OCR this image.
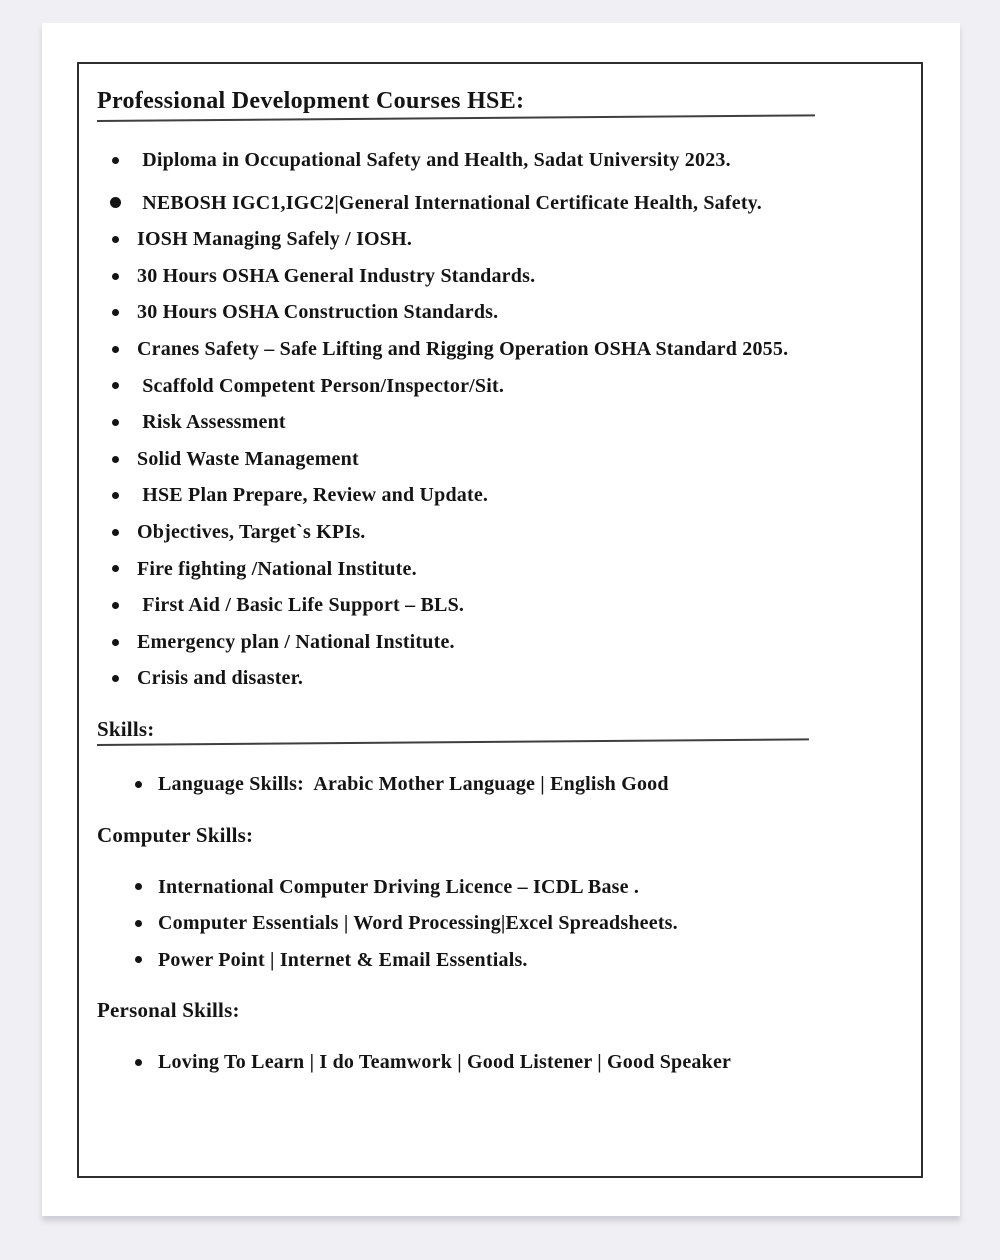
Professional Development Courses HSE:
Diploma in Occupational Safety and Health, Sadat University 2023.
NEBOSH IGC1,IGC2|General International Certificate Health, Safety.
IOSH Managing Safely / IOSH.
30 Hours OSHA General Industry Standards.
30 Hours OSHA Construction Standards.
Cranes Safety – Safe Lifting and Rigging Operation OSHA Standard 2055.
Scaffold Competent Person/Inspector/Sit.
Risk Assessment
Solid Waste Management
HSE Plan Prepare, Review and Update.
Objectives, Target`s KPIs.
Fire fighting /National Institute.
First Aid / Basic Life Support – BLS.
Emergency plan / National Institute.
Crisis and disaster.
Skills:
Language Skills:  Arabic Mother Language | English Good
Computer Skills:
International Computer Driving Licence – ICDL Base .
Computer Essentials | Word Processing|Excel Spreadsheets.
Power Point | Internet & Email Essentials.
Personal Skills:
Loving To Learn | I do Teamwork | Good Listener | Good Speaker
